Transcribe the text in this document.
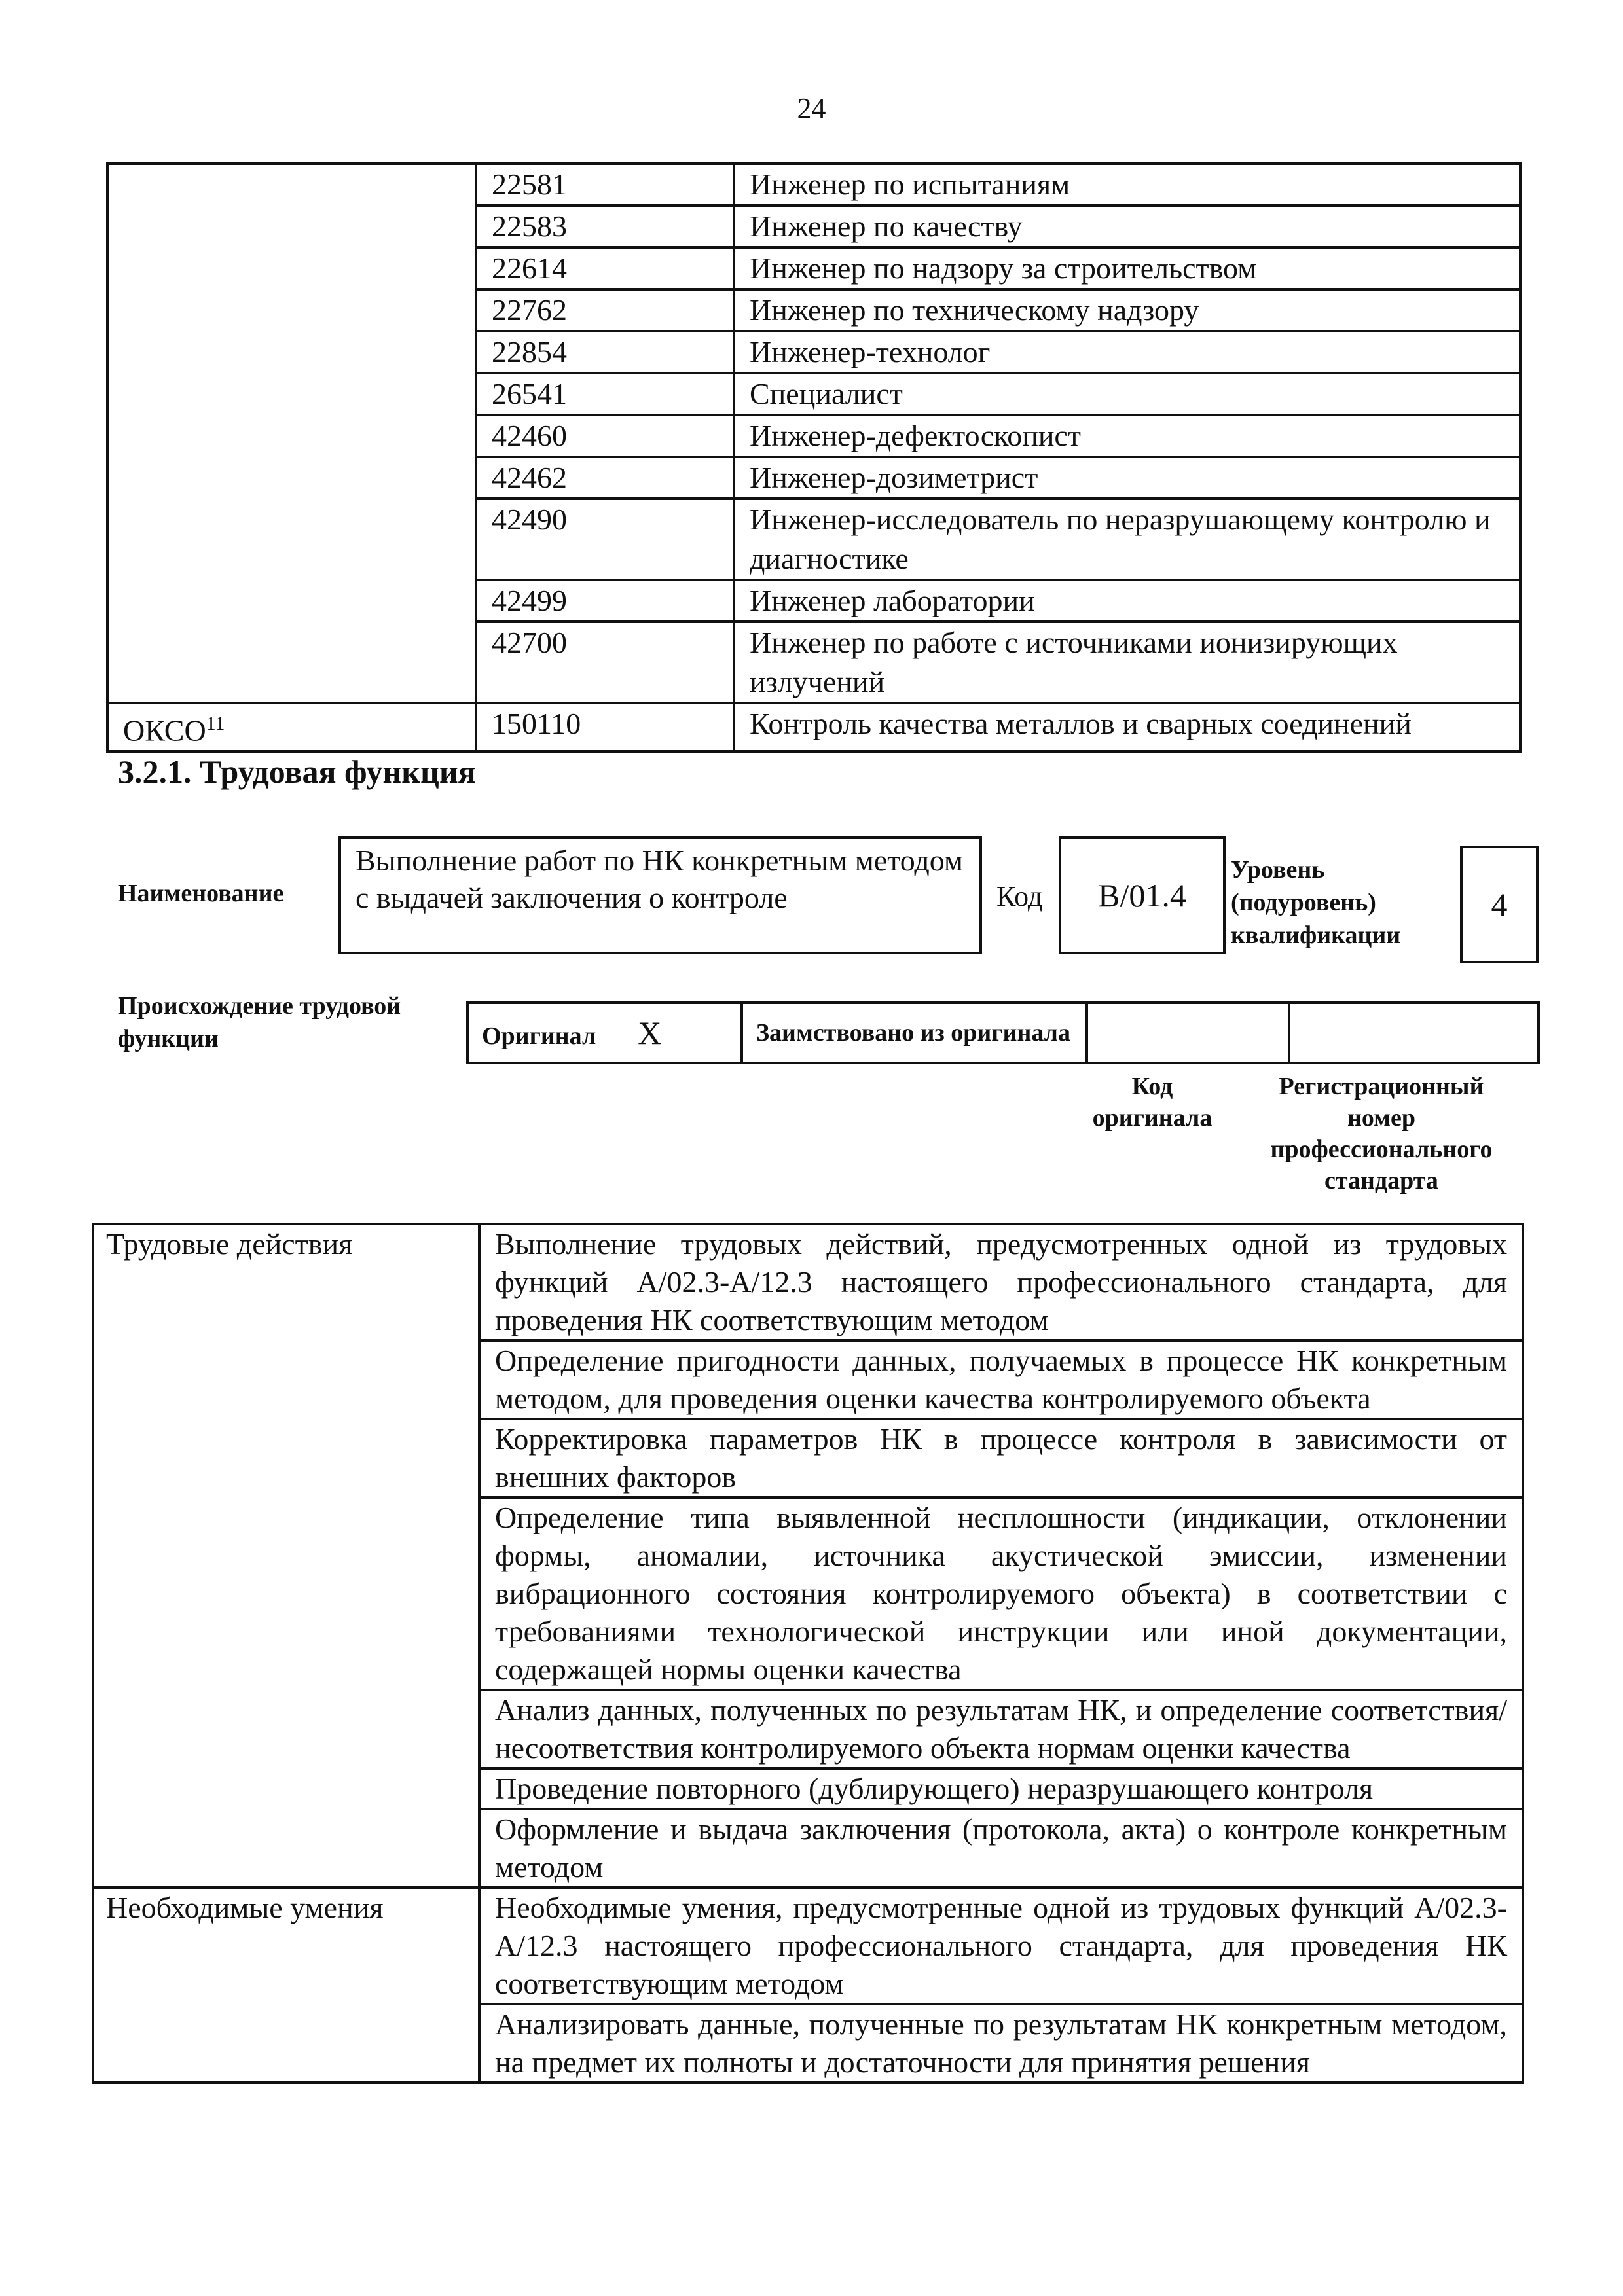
24
	22581	Инженер по испытаниям
	22583	Инженер по качеству
	22614	Инженер по надзору за строительством
	22762	Инженер по техническому надзору
	22854	Инженер-технолог
	26541	Специалист
	42460	Инженер-дефектоскопист
	42462	Инженер-дозиметрист
	42490	Инженер-исследователь по неразрушающему контролю и диагностике
	42499	Инженер лаборатории
	42700	Инженер по работе с источниками ионизирующих излучений
ОКСО$^{11}$	150110	Контроль качества металлов и сварных соединений
3.2.1. Трудовая функция
Наименование
Выполнение работ по НК конкретным методом с выдачей заключения о контроле	Код В/01.4
Уровень
(подуровень)
квалификации
4
Происхождение трудовой
функции	Оригинал X	Заимствовано из оригинала		
Код
оригинала
Регистрационный
номер
профессионального
стандарта
Трудовые действия	Выполнение трудовых действий, предусмотренных одной из трудовых функций А/02.3-А/12.3 настоящего профессионального стандарта, для проведения НК соответствующим методом
	Определение пригодности данных, получаемых в процессе НК конкретным методом, для проведения оценки качества контролируемого объекта
	Корректировка параметров НК в процессе контроля в зависимости от внешних факторов
	Определение типа выявленной несплошности (индикации, отклонении формы, аномалии, источника акустической эмиссии, изменении вибрационного состояния контролируемого объекта) в соответствии с требованиями технологической инструкции или иной документации, содержащей нормы оценки качества
	Анализ данных, полученных по результатам НК, и определение соответствия/несоответствия контролируемого объекта нормам оценки качества
	Проведение повторного (дублирующего) неразрушающего контроля
	Оформление и выдача заключения (протокола, акта) о контроле конкретным методом
Необходимые умения	Необходимые умения, предусмотренные одной из трудовых функций А/02.3-А/12.3 настоящего профессионального стандарта, для проведения НК соответствующим методом
	Анализировать данные, полученные по результатам НК конкретным методом, на предмет их полноты и достаточности для принятия решения
